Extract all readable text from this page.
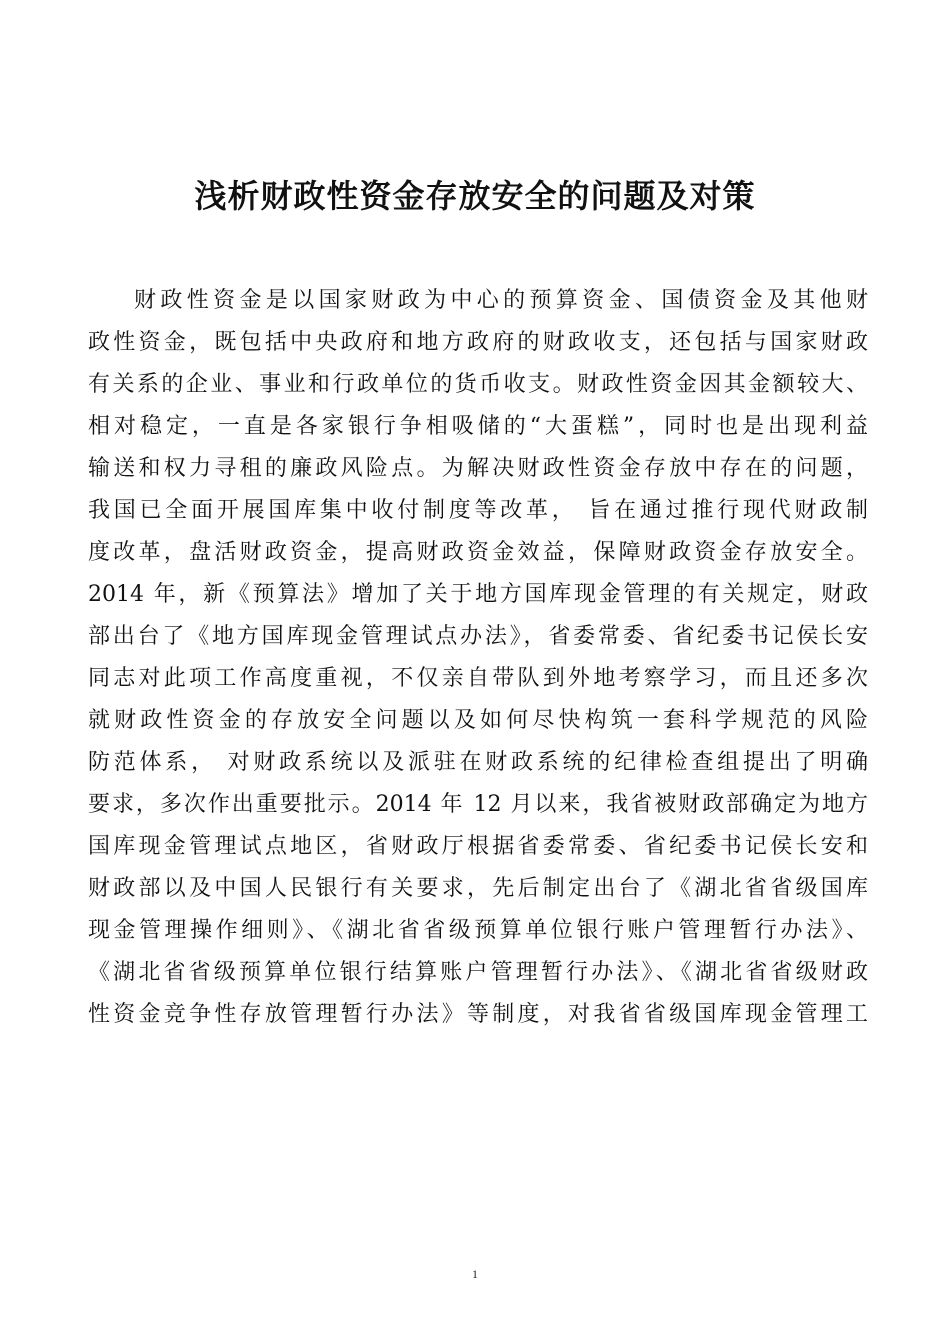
浅析财政性资金存放安全的问题及对策
财政性资金是以国家财政为中心的预算资金、国债资金及其他财
政性资金，既包括中央政府和地方政府的财政收支，还包括与国家财政
有关系的企业、事业和行政单位的货币收支。财政性资金因其金额较大、
相对稳定，一直是各家银行争相吸储的“大蛋糕”，同时也是出现利益
输送和权力寻租的廉政风险点。为解决财政性资金存放中存在的问题，
我国已全面开展国库集中收付制度等改革， 旨在通过推行现代财政制
度改革，盘活财政资金，提高财政资金效益，保障财政资金存放安全。
2014 年，新《预算法》增加了关于地方国库现金管理的有关规定，财政
部出台了《地方国库现金管理试点办法》，省委常委、省纪委书记侯长安
同志对此项工作高度重视，不仅亲自带队到外地考察学习，而且还多次
就财政性资金的存放安全问题以及如何尽快构筑一套科学规范的风险
防范体系， 对财政系统以及派驻在财政系统的纪律检查组提出了明确
要求，多次作出重要批示。2014 年 12 月以来，我省被财政部确定为地方
国库现金管理试点地区，省财政厅根据省委常委、省纪委书记侯长安和
财政部以及中国人民银行有关要求，先后制定出台了《湖北省省级国库
现金管理操作细则》、《湖北省省级预算单位银行账户管理暂行办法》、
《湖北省省级预算单位银行结算账户管理暂行办法》、《湖北省省级财政
性资金竞争性存放管理暂行办法》等制度，对我省省级国库现金管理工
1
